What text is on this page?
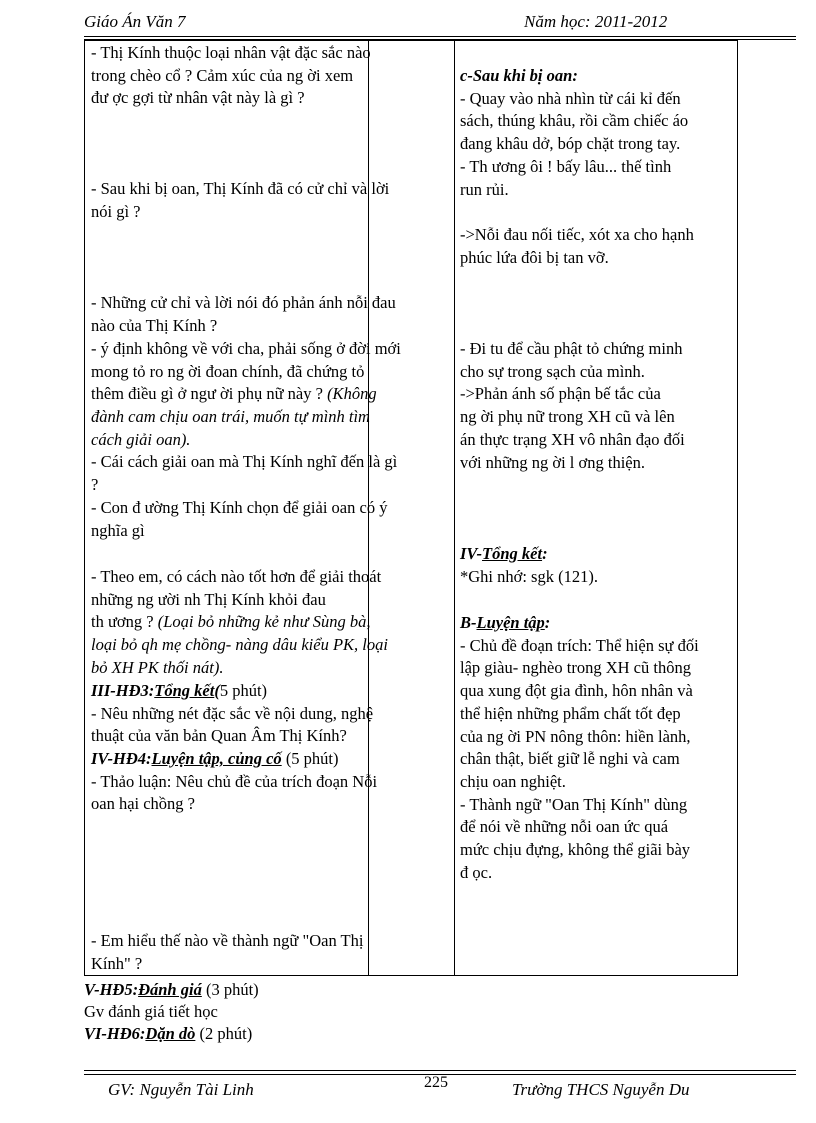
Giáo Án Văn 7	Năm học: 2011-2012
- Thị Kính thuộc loại nhân vật đặc sắc nào
trong chèo cổ ? Cảm xúc của ng ời xem
đư ợc gợi từ nhân vật này là gì ?
- Sau khi bị oan, Thị Kính đã có cử chỉ và lời
nói gì ?
- Những cử chỉ và lời nói đó phản ánh nỗi đau
nào của Thị Kính ?
- ý định không về với cha, phải sống ở đời mới
mong tỏ ro ng ời đoan chính, đã chứng tỏ
thêm điều gì ở ngư ời phụ nữ này ? (Không
đành cam chịu oan trái, muốn tự mình tìm
cách giải oan).
- Cái cách giải oan mà Thị Kính nghĩ đến là gì
?
- Con đ ường Thị Kính chọn để giải oan có ý
nghĩa gì
- Theo em, có cách nào tốt hơn để giải thoát
những ng ười nh Thị Kính khỏi đau
th ương ? (Loại bỏ những kẻ như Sùng bà,
loại bỏ qh mẹ chồng- nàng dâu kiểu PK, loại
bỏ XH PK thối nát).
III-HĐ3:Tổng kết(5 phút)
- Nêu những nét đặc sắc về nội dung, nghệ
thuật của văn bản Quan Âm Thị Kính?
IV-HĐ4:Luyện tập, củng cố (5 phút)
- Thảo luận: Nêu chủ đề của trích đoạn Nỗi
oan hại chồng ?
- Em hiểu thế nào về thành ngữ "Oan Thị
Kính" ?
c-Sau khi bị oan:
- Quay vào nhà nhìn từ cái kỉ đến
sách, thúng khâu, rồi cầm chiếc áo
đang khâu dở, bóp chặt trong tay.
- Th ương ôi ! bấy lâu... thế tình
run rủi.
->Nỗi đau nối tiếc, xót xa cho hạnh
phúc lứa đôi bị tan vỡ.
- Đi tu để cầu phật tỏ chứng minh
cho sự trong sạch của mình.
->Phản ánh số phận bế tắc của
ng ời phụ nữ trong XH cũ và lên
án thực trạng XH vô nhân đạo đối
với những ng ời l ơng thiện.
IV-Tổng kết:
*Ghi nhớ: sgk (121).
B-Luyện tập:
- Chủ đề đoạn trích: Thể hiện sự đối
lập giàu- nghèo trong XH cũ thông
qua xung đột gia đình, hôn nhân và
thể hiện những phẩm chất tốt đẹp
của ng ời PN nông thôn: hiền lành,
chân thật, biết giữ lễ nghi và cam
chịu oan nghiệt.
- Thành ngữ "Oan Thị Kính" dùng
để nói về những nỗi oan ức quá
mức chịu đựng, không thể giãi bày
đ ọc.
V-HĐ5:Đánh giá (3 phút)
Gv đánh giá tiết học
VI-HĐ6:Dặn dò (2 phút)
GV: Nguyễn Tài Linh	225	Trường THCS Nguyễn Du
